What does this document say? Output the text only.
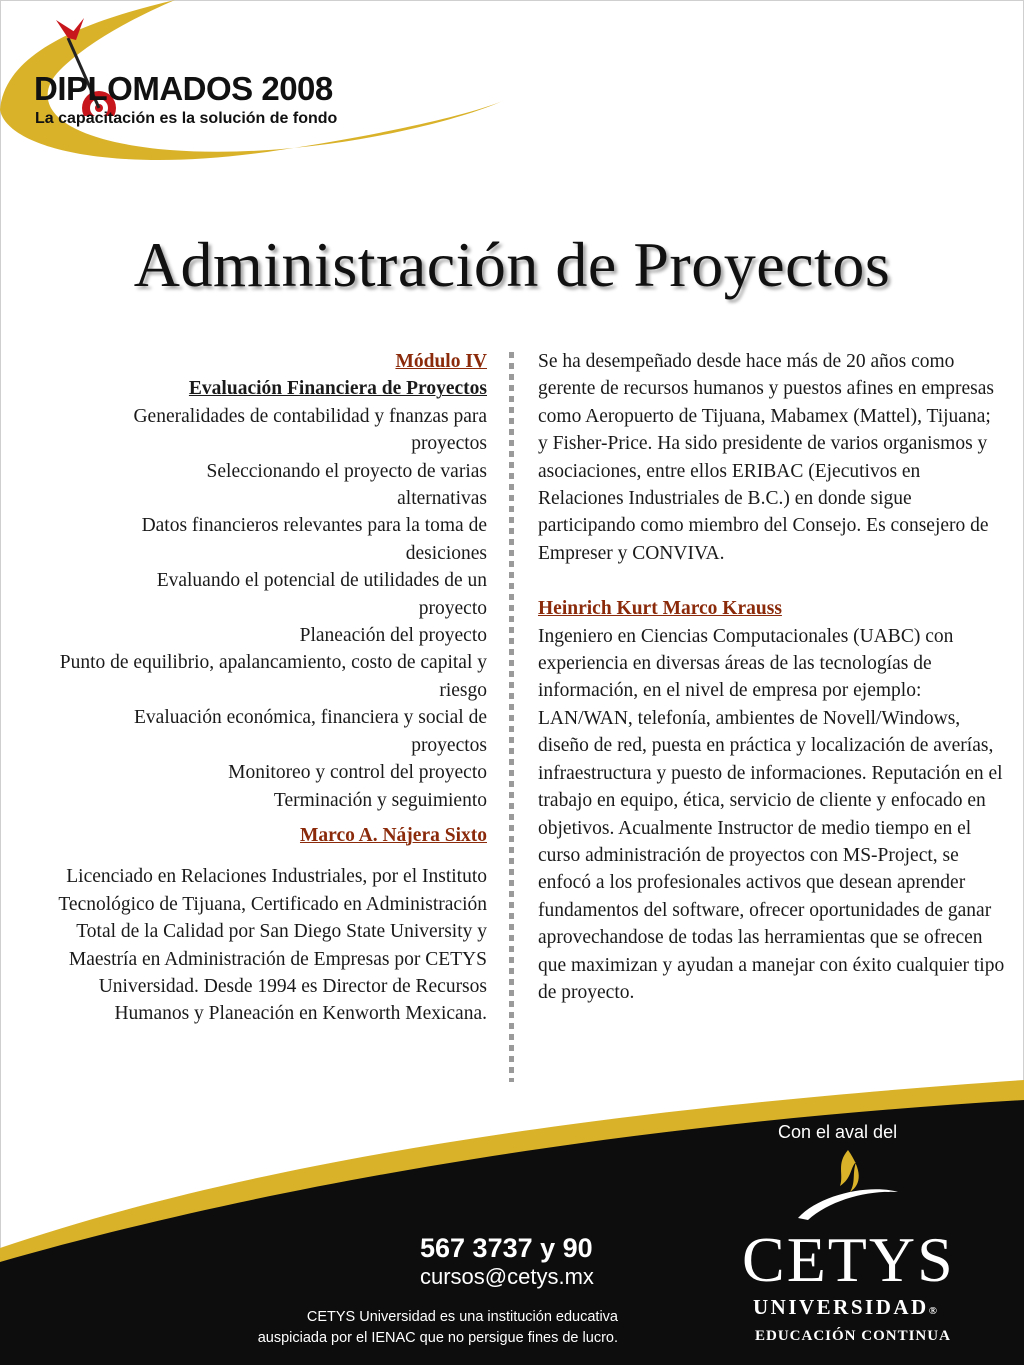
DIPLOMADOS 2008
La capacitación es la solución de fondo
Administración de Proyectos

Módulo IV

Evaluación Financiera de Proyectos

Generalidades de contabilidad y fnanzas para proyectos

Seleccionando el proyecto de varias alternativas

Datos financieros relevantes para la toma de desiciones

Evaluando el potencial de utilidades de un proyecto

Planeación del proyecto

Punto de equilibrio, apalancamiento, costo de capital y riesgo

Evaluación económica, financiera y social de proyectos

Monitoreo y control del proyecto

Terminación y seguimiento

Marco A. Nájera Sixto

Licenciado en Relaciones Industriales, por el Instituto Tecnológico de Tijuana, Certificado en Administración Total de la Calidad por San Diego State University y Maestría en Administración de Empresas por CETYS Universidad. Desde 1994 es Director de Recursos Humanos y Planeación en Kenworth Mexicana.

Se ha desempeñado desde hace más de 20 años como gerente de recursos humanos y puestos afines en empresas como Aeropuerto de Tijuana, Mabamex (Mattel), Tijuana; y Fisher-Price. Ha sido presidente de varios organismos y asociaciones, entre ellos ERIBAC (Ejecutivos en Relaciones Industriales de B.C.) en donde sigue participando como miembro del Consejo. Es consejero de Empreser y CONVIVA.

Heinrich Kurt Marco Krauss

Ingeniero en Ciencias Computacionales (UABC) con experiencia en diversas áreas de las tecnologías de información, en el nivel de empresa por ejemplo: LAN/WAN, telefonía, ambientes de Novell/Windows, diseño de red, puesta en práctica y localización de averías, infraestructura y puesto de informaciones. Reputación en el trabajo en equipo, ética, servicio de cliente y enfocado en objetivos. Acualmente Instructor de medio tiempo en el curso administración de proyectos con MS-Project, se enfocó a los profesionales activos que desean aprender fundamentos del software, ofrecer oportunidades de ganar aprovechandose de todas las herramientas que se ofrecen que maximizan y ayudan a manejar con éxito cualquier tipo de proyecto.

Con el aval del
CETYS
UNIVERSIDAD®
EDUCACIÓN CONTINUA
567 3737 y 90
cursos@cetys.mx
CETYS Universidad es una institución educativa
auspiciada por el IENAC que no persigue fines de lucro.
